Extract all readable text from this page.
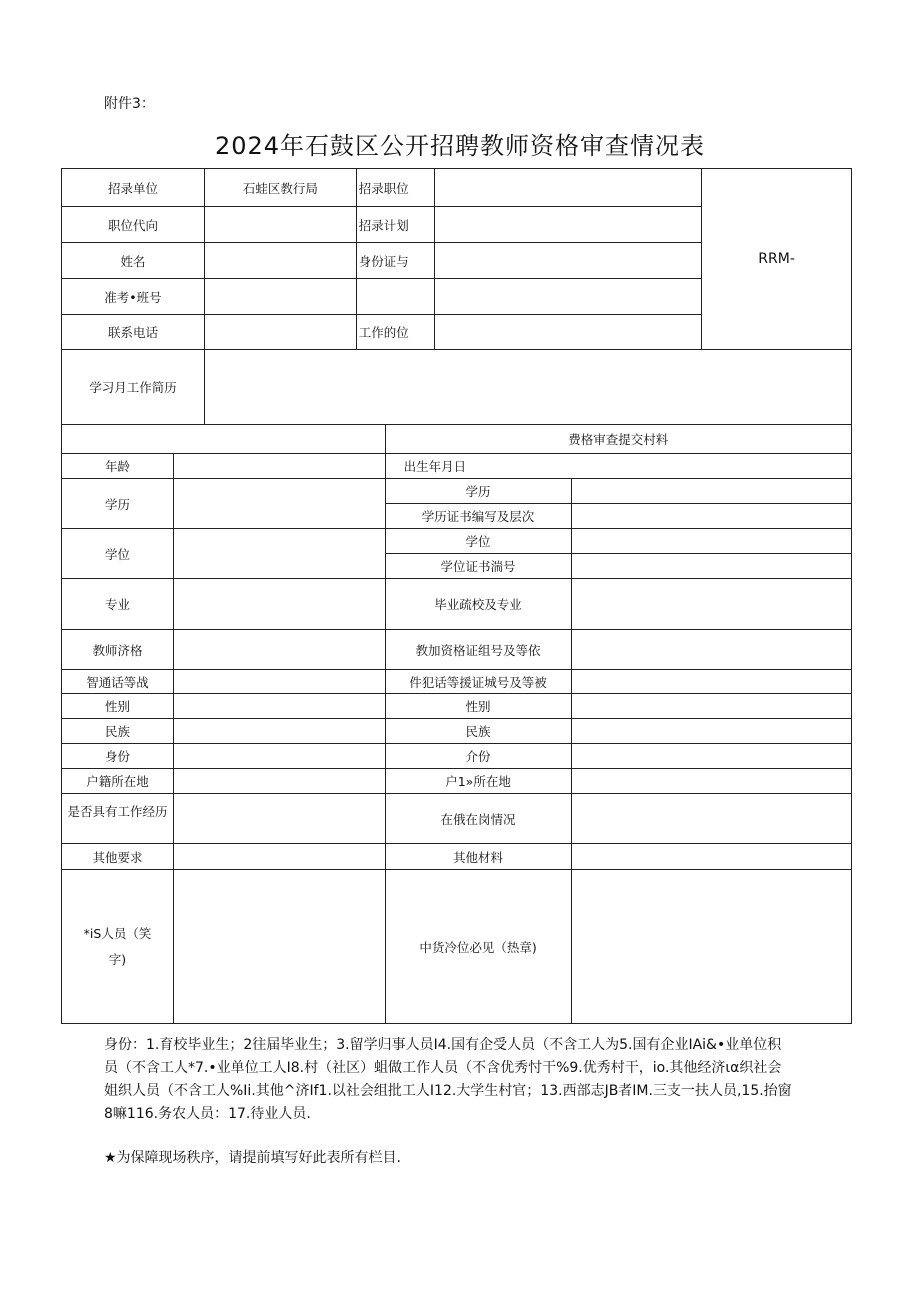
附件3：
2024年石鼓区公开招聘教师资格审查情况表
招录单位	石蛙区教行局	招录职位		RRM-
职位代向		招录计划		
姓名		身份证与		
准考•班号				
联系电话		工作的位		
学习月工作简历				
		费格审查提交村料	
年龄		出生年月日	
学历		学历	
		学历证书编写及层次	
学位		学位	
		学位证书湍号	
专业		毕业疏校及专业	
教师济格		教加资格证组号及等依	
智通话等战		件犯话等援证城号及等被	
性别		性别	
民族		民族	
身份		介份	
户籍所在地		户1»所在地	
是否具有工作经历		在俄在岗情况	
其他要求		其他材料	
*iS人员（笑
字)		中货冷位必见（热章)	

身份：1.育校毕业生；2往届毕业生；3.留学归事人员I4.国有企受人员（不含工人为5.国有企业IAi&•业单位积

员（不含工人*7.•业单位工人I8.村（社区）蛆做工作人员（不含优秀忖干%9.优秀村干，io.其他经济ια织社会

姐织人员（不含工人%Ii.其他^济If1.以社会组批工人I12.大学生村官；13.西部志JB者IM.三支一扶人员,15.抬窗

8嘛116.务农人员：17.待业人员.

★为保障现场秩序，请提前填写好此表所有栏目.
